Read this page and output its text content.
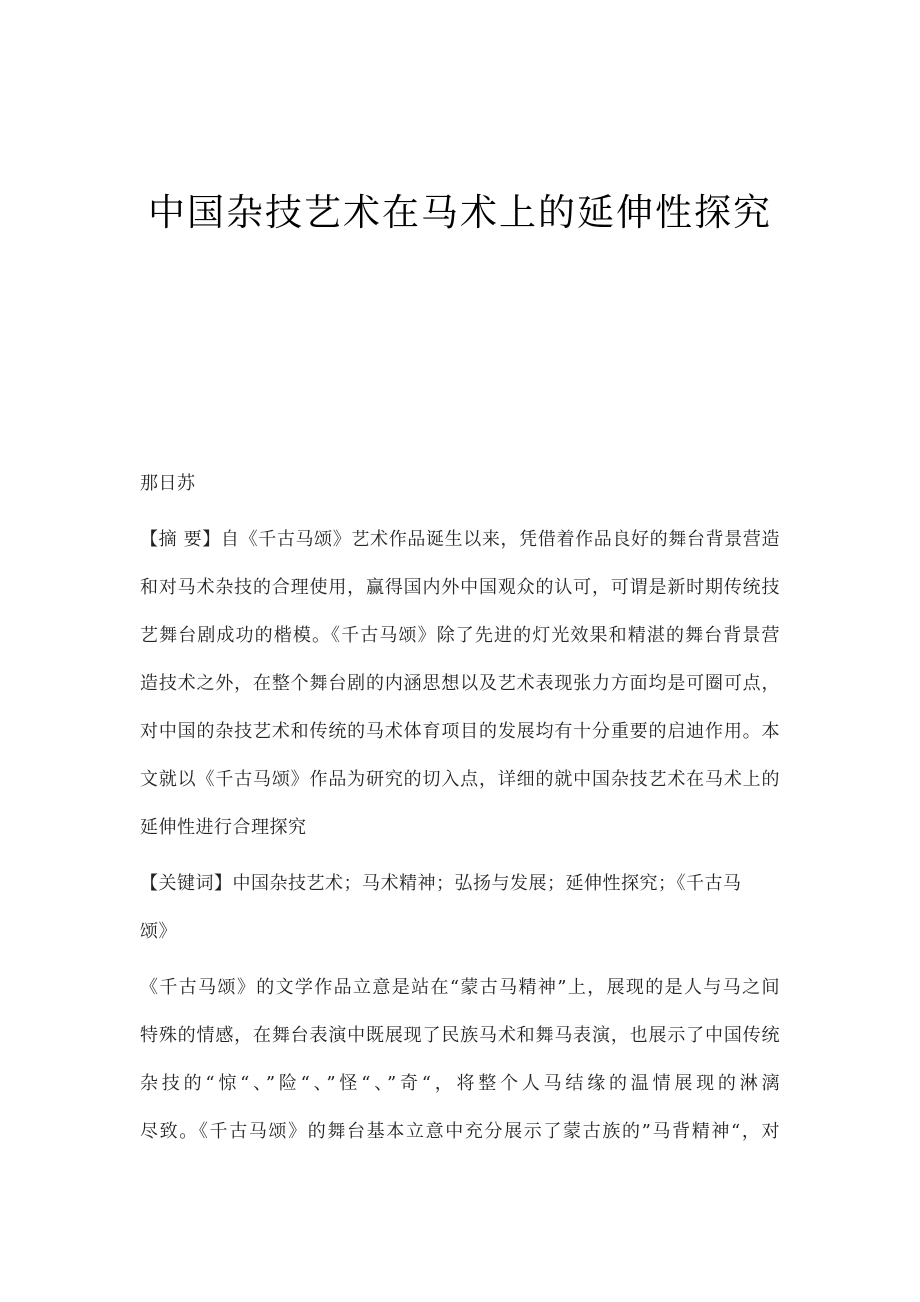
中国杂技艺术在马术上的延伸性探究
那日苏
【摘 要】自《千古马颂》艺术作品诞生以来，凭借着作品良好的舞台背景营造
和对马术杂技的合理使用，赢得国内外中国观众的认可，可谓是新时期传统技
艺舞台剧成功的楷模。《千古马颂》除了先进的灯光效果和精湛的舞台背景营
造技术之外，在整个舞台剧的内涵思想以及艺术表现张力方面均是可圈可点，
对中国的杂技艺术和传统的马术体育项目的发展均有十分重要的启迪作用。本
文就以《千古马颂》作品为研究的切入点，详细的就中国杂技艺术在马术上的
延伸性进行合理探究
【关键词】中国杂技艺术；马术精神；弘扬与发展；延伸性探究；《千古马
颂》
《千古马颂》的文学作品立意是站在“蒙古马精神”上，展现的是人与马之间
特殊的情感，在舞台表演中既展现了民族马术和舞马表演，也展示了中国传统
杂技的“惊“、”险“、”怪“、”奇“，将整个人马结缘的温情展现的淋漓
尽致。《千古马颂》的舞台基本立意中充分展示了蒙古族的”马背精神“，对
